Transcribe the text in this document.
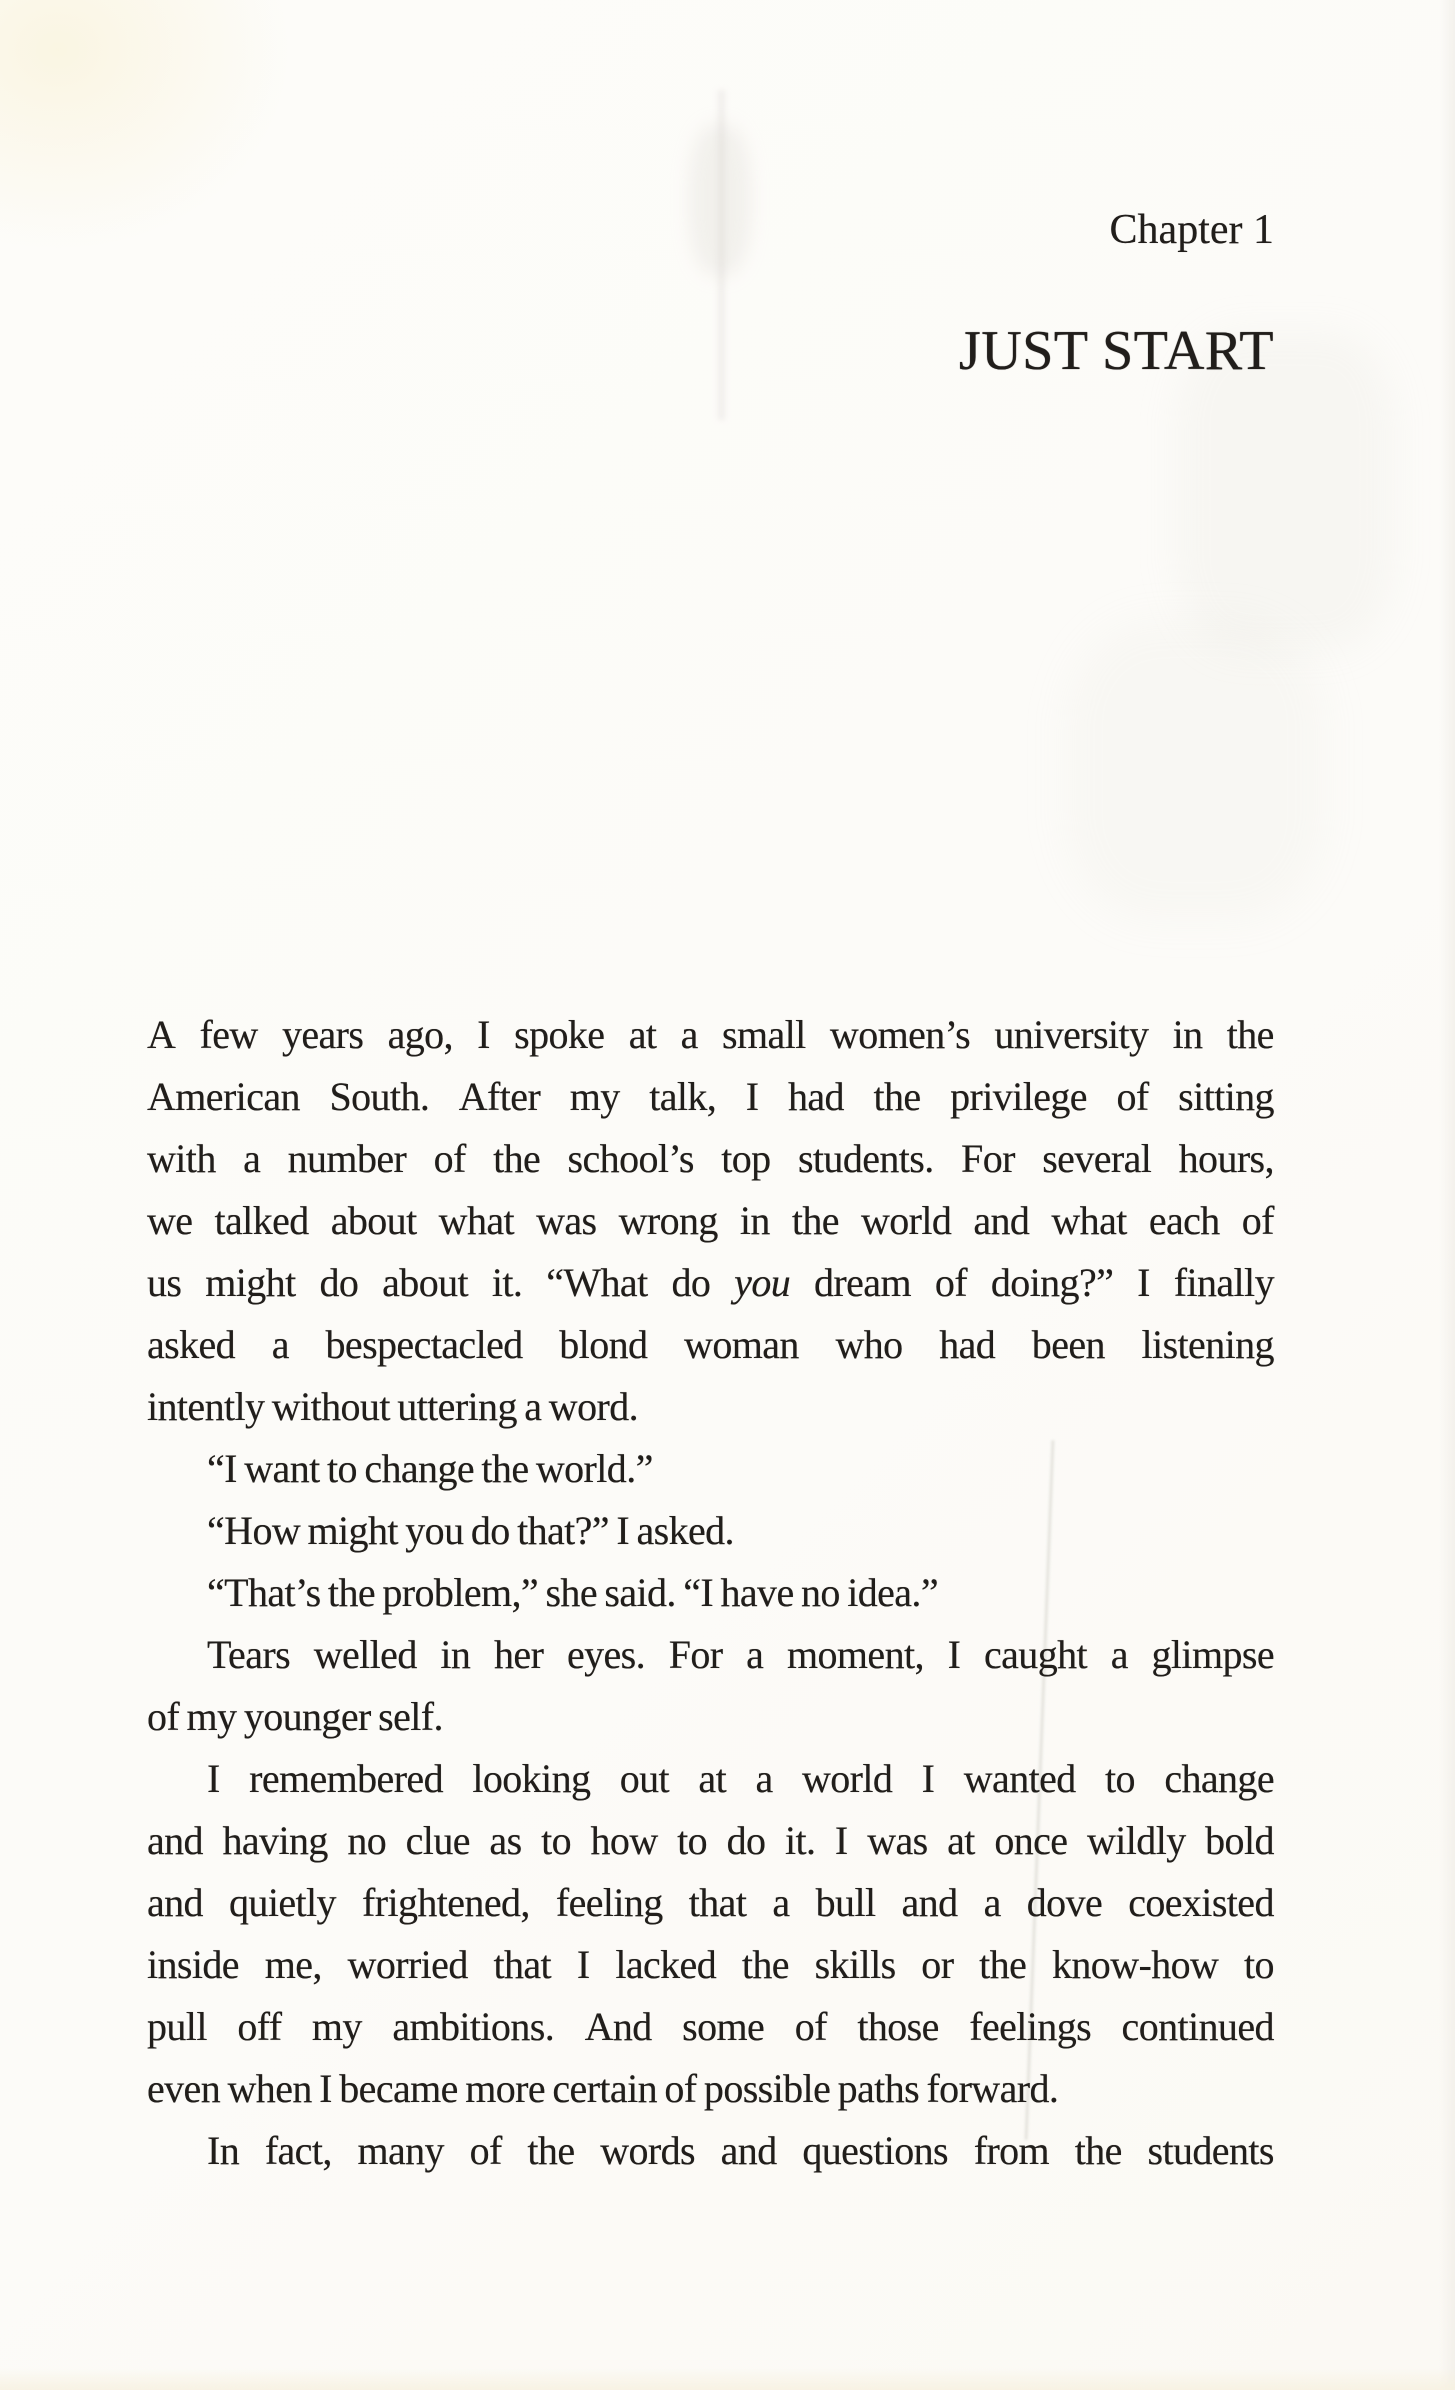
Chapter 1
JUST START
A few years ago, I spoke at a small women’s university in the
American South. After my talk, I had the privilege of sitting
with a number of the school’s top students. For several hours,
we talked about what was wrong in the world and what each of
us might do about it. “What do you dream of doing?” I finally
asked a bespectacled blond woman who had been listening
intently without uttering a word.
“I want to change the world.”
“How might you do that?” I asked.
“That’s the problem,” she said. “I have no idea.”
Tears welled in her eyes. For a moment, I caught a glimpse
of my younger self.
I remembered looking out at a world I wanted to change
and having no clue as to how to do it. I was at once wildly bold
and quietly frightened, feeling that a bull and a dove coexisted
inside me, worried that I lacked the skills or the know-how to
pull off my ambitions. And some of those feelings continued
even when I became more certain of possible paths forward.
In fact, many of the words and questions from the students
